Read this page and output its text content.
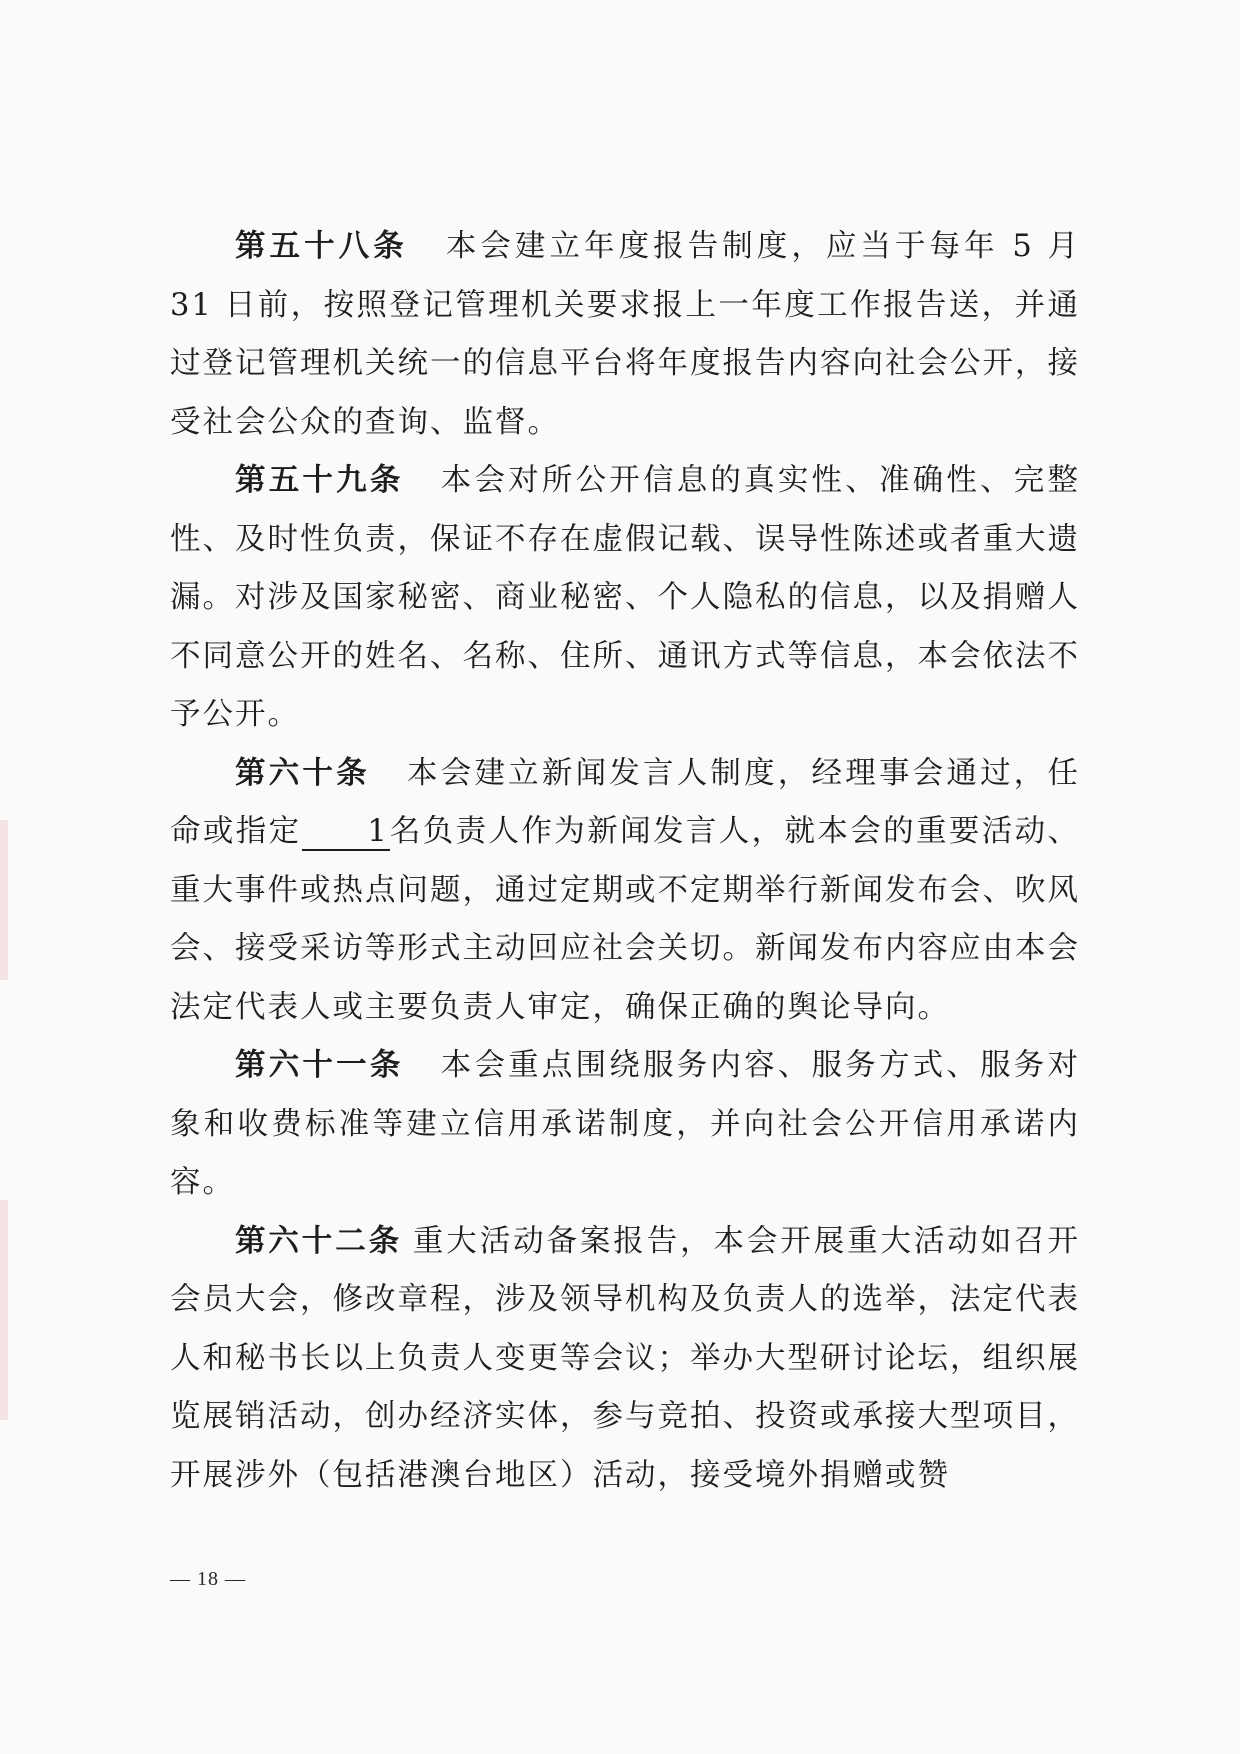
第五十八条 本会建立年度报告制度，应当于每年 5 月 31 日前，按照登记管理机关要求报上一年度工作报告送，并通过登记管理机关统一的信息平台将年度报告内容向社会公开，接受社会公众的查询、监督。

第五十九条 本会对所公开信息的真实性、准确性、完整性、及时性负责，保证不存在虚假记载、误导性陈述或者重大遗漏。对涉及国家秘密、商业秘密、个人隐私的信息，以及捐赠人不同意公开的姓名、名称、住所、通讯方式等信息，本会依法不予公开。

第六十条 本会建立新闻发言人制度，经理事会通过，任命或指定 1名负责人作为新闻发言人，就本会的重要活动、重大事件或热点问题，通过定期或不定期举行新闻发布会、吹风会、接受采访等形式主动回应社会关切。新闻发布内容应由本会法定代表人或主要负责人审定，确保正确的舆论导向。

第六十一条 本会重点围绕服务内容、服务方式、服务对象和收费标准等建立信用承诺制度，并向社会公开信用承诺内容。

第六十二条 重大活动备案报告，本会开展重大活动如召开会员大会，修改章程，涉及领导机构及负责人的选举，法定代表人和秘书长以上负责人变更等会议；举办大型研讨论坛，组织展览展销活动，创办经济实体，参与竞拍、投资或承接大型项目，开展涉外（包括港澳台地区）活动，接受境外捐赠或赞

— 18 —
